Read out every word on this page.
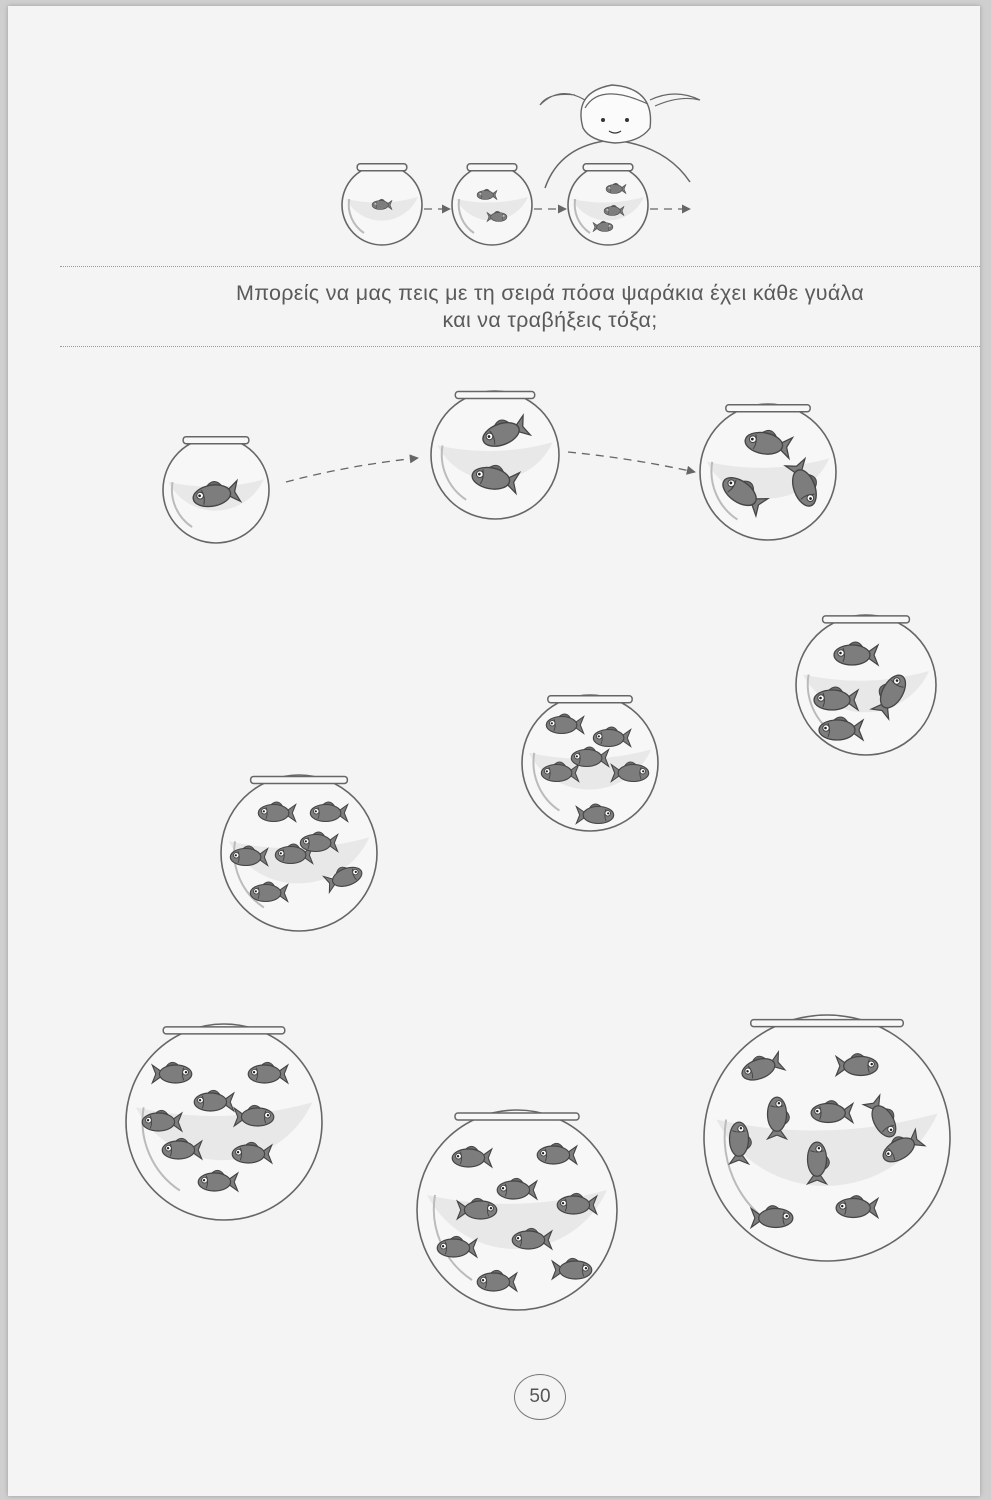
Μπορείς να μας πεις με τη σειρά πόσα ψαράκια έχει κάθε γυάλα
και να τραβήξεις τόξα;
50
